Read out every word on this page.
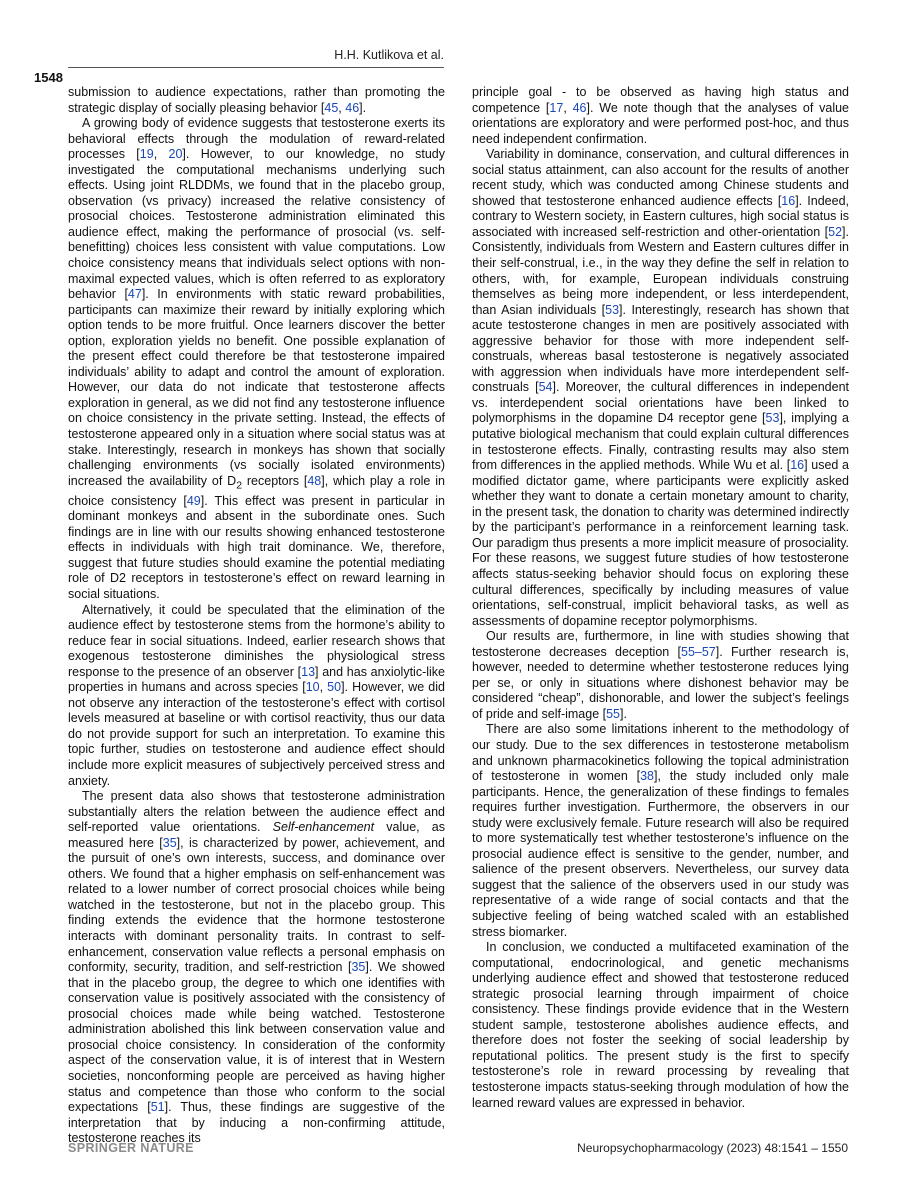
H.H. Kutlikova et al.
1548

submission to audience expectations, rather than promoting the strategic display of socially pleasing behavior [45, 46].

A growing body of evidence suggests that testosterone exerts its behavioral effects through the modulation of reward-related processes [19, 20]. However, to our knowledge, no study investigated the computational mechanisms underlying such effects. Using joint RLDDMs, we found that in the placebo group, observation (vs privacy) increased the relative consistency of prosocial choices. Testosterone administration eliminated this audience effect, making the performance of prosocial (vs. self-benefitting) choices less consistent with value computations. Low choice consistency means that individuals select options with non-maximal expected values, which is often referred to as exploratory behavior [47]. In environments with static reward probabilities, participants can maximize their reward by initially exploring which option tends to be more fruitful. Once learners discover the better option, exploration yields no benefit. One possible explanation of the present effect could therefore be that testosterone impaired individuals’ ability to adapt and control the amount of exploration. However, our data do not indicate that testosterone affects exploration in general, as we did not find any testosterone influence on choice consistency in the private setting. Instead, the effects of testosterone appeared only in a situation where social status was at stake. Interestingly, research in monkeys has shown that socially challenging environments (vs socially isolated environments) increased the availability of $D_2$ receptors [48], which play a role in choice consistency [49]. This effect was present in particular in dominant monkeys and absent in the subordinate ones. Such findings are in line with our results showing enhanced testosterone effects in individuals with high trait dominance. We, therefore, suggest that future studies should examine the potential mediating role of D2 receptors in testosterone’s effect on reward learning in social situations.

Alternatively, it could be speculated that the elimination of the audience effect by testosterone stems from the hormone’s ability to reduce fear in social situations. Indeed, earlier research shows that exogenous testosterone diminishes the physiological stress response to the presence of an observer [13] and has anxiolytic-like properties in humans and across species [10, 50]. However, we did not observe any interaction of the testosterone’s effect with cortisol levels measured at baseline or with cortisol reactivity, thus our data do not provide support for such an interpretation. To examine this topic further, studies on testosterone and audience effect should include more explicit measures of subjectively perceived stress and anxiety.

The present data also shows that testosterone administration substantially alters the relation between the audience effect and self-reported value orientations. Self-enhancement value, as measured here [35], is characterized by power, achievement, and the pursuit of one’s own interests, success, and dominance over others. We found that a higher emphasis on self-enhancement was related to a lower number of correct prosocial choices while being watched in the testosterone, but not in the placebo group. This finding extends the evidence that the hormone testosterone interacts with dominant personality traits. In contrast to self-enhancement, conservation value reflects a personal emphasis on conformity, security, tradition, and self-restriction [35]. We showed that in the placebo group, the degree to which one identifies with conservation value is positively associated with the consistency of prosocial choices made while being watched. Testosterone administration abolished this link between conservation value and prosocial choice consistency. In consideration of the conformity aspect of the conservation value, it is of interest that in Western societies, nonconforming people are perceived as having higher status and competence than those who conform to the social expectations [51]. Thus, these findings are suggestive of the interpretation that by inducing a non-confirming attitude, testosterone reaches its

principle goal - to be observed as having high status and competence [17, 46]. We note though that the analyses of value orientations are exploratory and were performed post-hoc, and thus need independent confirmation.

Variability in dominance, conservation, and cultural differences in social status attainment, can also account for the results of another recent study, which was conducted among Chinese students and showed that testosterone enhanced audience effects [16]. Indeed, contrary to Western society, in Eastern cultures, high social status is associated with increased self-restriction and other-orientation [52]. Consistently, individuals from Western and Eastern cultures differ in their self-construal, i.e., in the way they define the self in relation to others, with, for example, European individuals construing themselves as being more independent, or less interdependent, than Asian individuals [53]. Interestingly, research has shown that acute testosterone changes in men are positively associated with aggressive behavior for those with more independent self-construals, whereas basal testosterone is negatively associated with aggression when individuals have more interdependent self-construals [54]. Moreover, the cultural differences in independent vs. interdependent social orientations have been linked to polymorphisms in the dopamine D4 receptor gene [53], implying a putative biological mechanism that could explain cultural differences in testosterone effects. Finally, contrasting results may also stem from differences in the applied methods. While Wu et al. [16] used a modified dictator game, where participants were explicitly asked whether they want to donate a certain monetary amount to charity, in the present task, the donation to charity was determined indirectly by the participant’s performance in a reinforcement learning task. Our paradigm thus presents a more implicit measure of prosociality. For these reasons, we suggest future studies of how testosterone affects status-seeking behavior should focus on exploring these cultural differences, specifically by including measures of value orientations, self-construal, implicit behavioral tasks, as well as assessments of dopamine receptor polymorphisms.

Our results are, furthermore, in line with studies showing that testosterone decreases deception [55–57]. Further research is, however, needed to determine whether testosterone reduces lying per se, or only in situations where dishonest behavior may be considered “cheap”, dishonorable, and lower the subject’s feelings of pride and self-image [55].

There are also some limitations inherent to the methodology of our study. Due to the sex differences in testosterone metabolism and unknown pharmacokinetics following the topical administration of testosterone in women [38], the study included only male participants. Hence, the generalization of these findings to females requires further investigation. Furthermore, the observers in our study were exclusively female. Future research will also be required to more systematically test whether testosterone’s influence on the prosocial audience effect is sensitive to the gender, number, and salience of the present observers. Nevertheless, our survey data suggest that the salience of the observers used in our study was representative of a wide range of social contacts and that the subjective feeling of being watched scaled with an established stress biomarker.

In conclusion, we conducted a multifaceted examination of the computational, endocrinological, and genetic mechanisms underlying audience effect and showed that testosterone reduced strategic prosocial learning through impairment of choice consistency. These findings provide evidence that in the Western student sample, testosterone abolishes audience effects, and therefore does not foster the seeking of social leadership by reputational politics. The present study is the first to specify testosterone’s role in reward processing by revealing that testosterone impacts status-seeking through modulation of how the learned reward values are expressed in behavior.

SPRINGER NATURE	Neuropsychopharmacology (2023) 48:1541 – 1550
